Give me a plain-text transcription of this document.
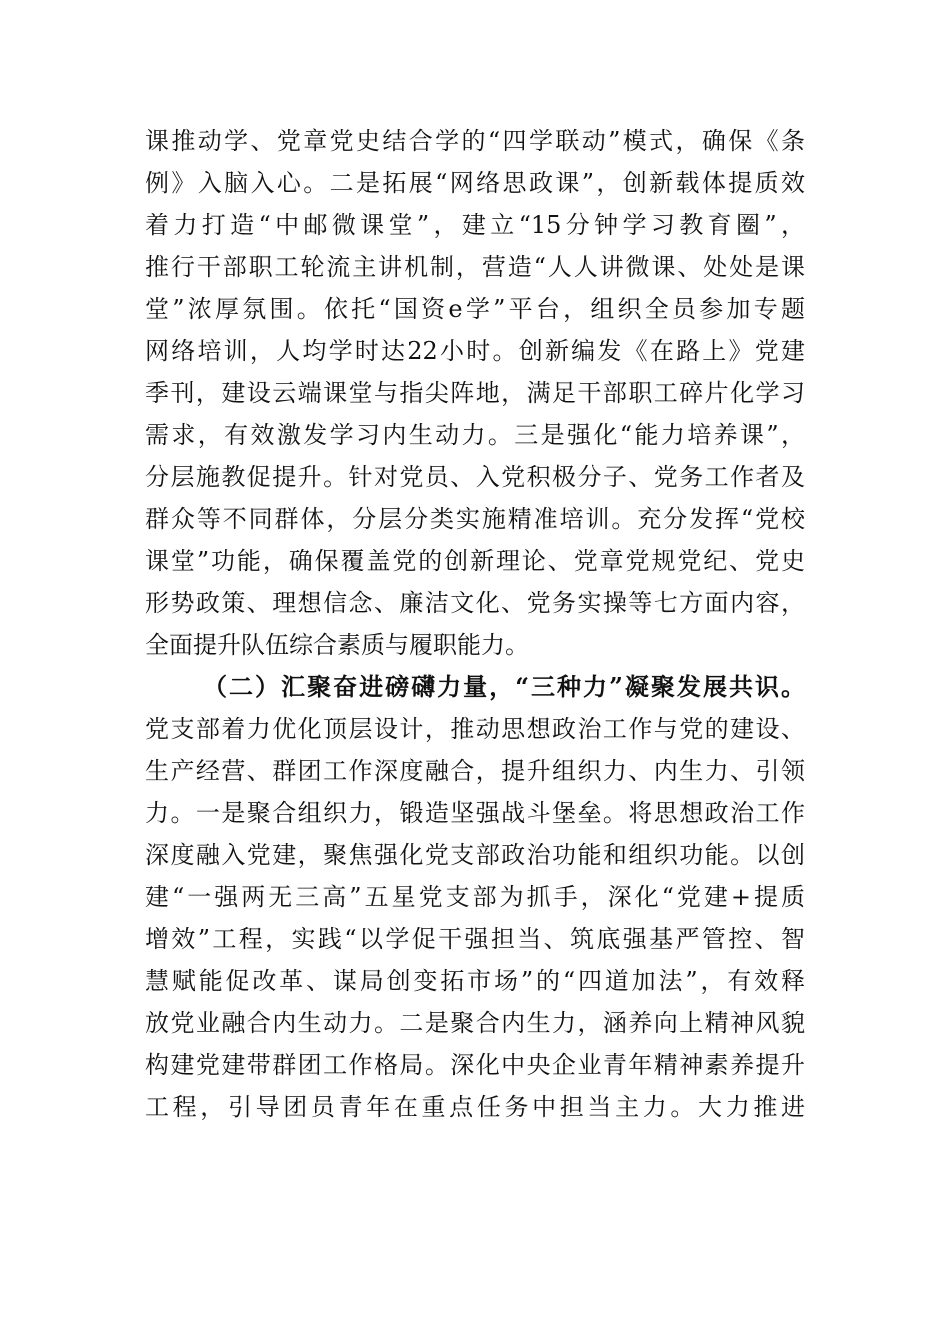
课推动学、党章党史结合学的“四学联动”模式，确保《条
例》入脑入心。二是拓展“网络思政课”，创新载体提质效
着力打造“中邮微课堂”，建立“15分钟学习教育圈”，
推行干部职工轮流主讲机制，营造“人人讲微课、处处是课
堂”浓厚氛围。依托“国资e学”平台，组织全员参加专题
网络培训，人均学时达22小时。创新编发《在路上》党建
季刊，建设云端课堂与指尖阵地，满足干部职工碎片化学习
需求，有效激发学习内生动力。三是强化“能力培养课”，
分层施教促提升。针对党员、入党积极分子、党务工作者及
群众等不同群体，分层分类实施精准培训。充分发挥“党校
课堂”功能，确保覆盖党的创新理论、党章党规党纪、党史
形势政策、理想信念、廉洁文化、党务实操等七方面内容，
全面提升队伍综合素质与履职能力。
（二）汇聚奋进磅礴力量，“三种力”凝聚发展共识。
党支部着力优化顶层设计，推动思想政治工作与党的建设、
生产经营、群团工作深度融合，提升组织力、内生力、引领
力。一是聚合组织力，锻造坚强战斗堡垒。将思想政治工作
深度融入党建，聚焦强化党支部政治功能和组织功能。以创
建“一强两无三高”五星党支部为抓手，深化“党建+提质
增效”工程，实践“以学促干强担当、筑底强基严管控、智
慧赋能促改革、谋局创变拓市场”的“四道加法”，有效释
放党业融合内生动力。二是聚合内生力，涵养向上精神风貌
构建党建带群团工作格局。深化中央企业青年精神素养提升
工程，引导团员青年在重点任务中担当主力。大力推进
